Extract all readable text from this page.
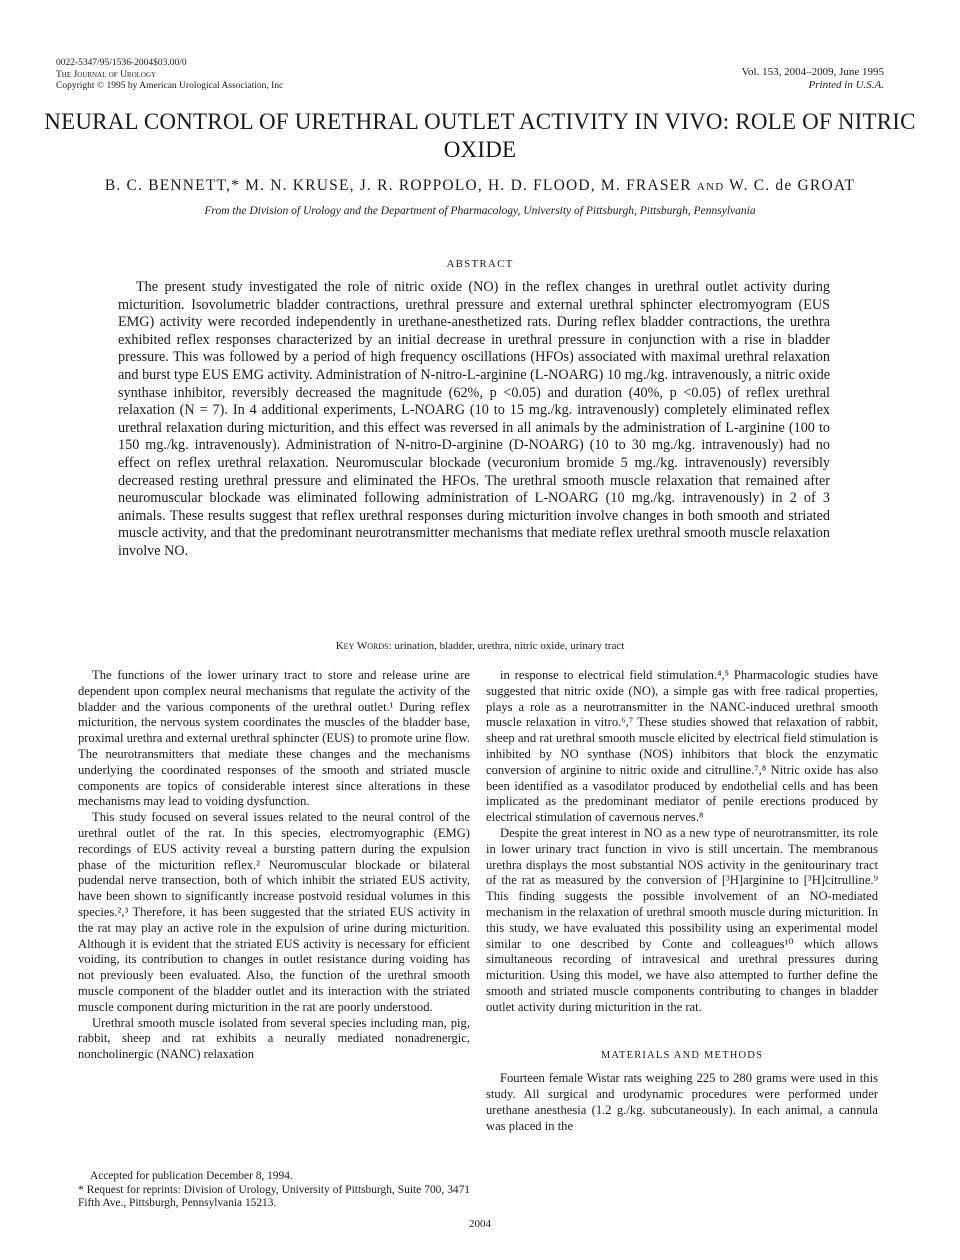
0022-5347/95/1536-2004$03.00/0
The Journal of Urology
Copyright © 1995 by American Urological Association, Inc
Vol. 153, 2004–2009, June 1995
Printed in U.S.A.
NEURAL CONTROL OF URETHRAL OUTLET ACTIVITY IN VIVO: ROLE OF NITRIC OXIDE
B. C. BENNETT,* M. N. KRUSE, J. R. ROPPOLO, H. D. FLOOD, M. FRASER and W. C. de GROAT
From the Division of Urology and the Department of Pharmacology, University of Pittsburgh, Pittsburgh, Pennsylvania
ABSTRACT

The present study investigated the role of nitric oxide (NO) in the reflex changes in urethral outlet activity during micturition. Isovolumetric bladder contractions, urethral pressure and external urethral sphincter electromyogram (EUS EMG) activity were recorded independently in urethane-anesthetized rats. During reflex bladder contractions, the urethra exhibited reflex responses characterized by an initial decrease in urethral pressure in conjunction with a rise in bladder pressure. This was followed by a period of high frequency oscillations (HFOs) associated with maximal urethral relaxation and burst type EUS EMG activity. Administration of N-nitro-L-arginine (L-NOARG) 10 mg./kg. intravenously, a nitric oxide synthase inhibitor, reversibly decreased the magnitude (62%, p <0.05) and duration (40%, p <0.05) of reflex urethral relaxation (N = 7). In 4 additional experiments, L-NOARG (10 to 15 mg./kg. intravenously) completely eliminated reflex urethral relaxation during micturition, and this effect was reversed in all animals by the administration of L-arginine (100 to 150 mg./kg. intravenously). Administration of N-nitro-D-arginine (D-NOARG) (10 to 30 mg./kg. intravenously) had no effect on reflex urethral relaxation. Neuromuscular blockade (vecuronium bromide 5 mg./kg. intravenously) reversibly decreased resting urethral pressure and eliminated the HFOs. The urethral smooth muscle relaxation that remained after neuromuscular blockade was eliminated following administration of L-NOARG (10 mg./kg. intravenously) in 2 of 3 animals. These results suggest that reflex urethral responses during micturition involve changes in both smooth and striated muscle activity, and that the predominant neurotransmitter mechanisms that mediate reflex urethral smooth muscle relaxation involve NO.

Key Words: urination, bladder, urethra, nitric oxide, urinary tract

The functions of the lower urinary tract to store and release urine are dependent upon complex neural mechanisms that regulate the activity of the bladder and the various components of the urethral outlet.¹ During reflex micturition, the nervous system coordinates the muscles of the bladder base, proximal urethra and external urethral sphincter (EUS) to promote urine flow. The neurotransmitters that mediate these changes and the mechanisms underlying the coordinated responses of the smooth and striated muscle components are topics of considerable interest since alterations in these mechanisms may lead to voiding dysfunction.

This study focused on several issues related to the neural control of the urethral outlet of the rat. In this species, electromyographic (EMG) recordings of EUS activity reveal a bursting pattern during the expulsion phase of the micturition reflex.² Neuromuscular blockade or bilateral pudendal nerve transection, both of which inhibit the striated EUS activity, have been shown to significantly increase postvoid residual volumes in this species.²,³ Therefore, it has been suggested that the striated EUS activity in the rat may play an active role in the expulsion of urine during micturition. Although it is evident that the striated EUS activity is necessary for efficient voiding, its contribution to changes in outlet resistance during voiding has not previously been evaluated. Also, the function of the urethral smooth muscle component of the bladder outlet and its interaction with the striated muscle component during micturition in the rat are poorly understood.

Urethral smooth muscle isolated from several species including man, pig, rabbit, sheep and rat exhibits a neurally mediated nonadrenergic, noncholinergic (NANC) relaxation

in response to electrical field stimulation.⁴,⁵ Pharmacologic studies have suggested that nitric oxide (NO), a simple gas with free radical properties, plays a role as a neurotransmitter in the NANC-induced urethral smooth muscle relaxation in vitro.⁶,⁷ These studies showed that relaxation of rabbit, sheep and rat urethral smooth muscle elicited by electrical field stimulation is inhibited by NO synthase (NOS) inhibitors that block the enzymatic conversion of arginine to nitric oxide and citrulline.⁷,⁸ Nitric oxide has also been identified as a vasodilator produced by endothelial cells and has been implicated as the predominant mediator of penile erections produced by electrical stimulation of cavernous nerves.⁸

Despite the great interest in NO as a new type of neurotransmitter, its role in lower urinary tract function in vivo is still uncertain. The membranous urethra displays the most substantial NOS activity in the genitourinary tract of the rat as measured by the conversion of [³H]arginine to [³H]citrulline.⁹ This finding suggests the possible involvement of an NO-mediated mechanism in the relaxation of urethral smooth muscle during micturition. In this study, we have evaluated this possibility using an experimental model similar to one described by Conte and colleagues¹⁰ which allows simultaneous recording of intravesical and urethral pressures during micturition. Using this model, we have also attempted to further define the smooth and striated muscle components contributing to changes in bladder outlet activity during micturition in the rat.

MATERIALS AND METHODS

Fourteen female Wistar rats weighing 225 to 280 grams were used in this study. All surgical and urodynamic procedures were performed under urethane anesthesia (1.2 g./kg. subcutaneously). In each animal, a cannula was placed in the

Accepted for publication December 8, 1994.

* Request for reprints: Division of Urology, University of Pittsburgh, Suite 700, 3471 Fifth Ave., Pittsburgh, Pennsylvania 15213.

2004
